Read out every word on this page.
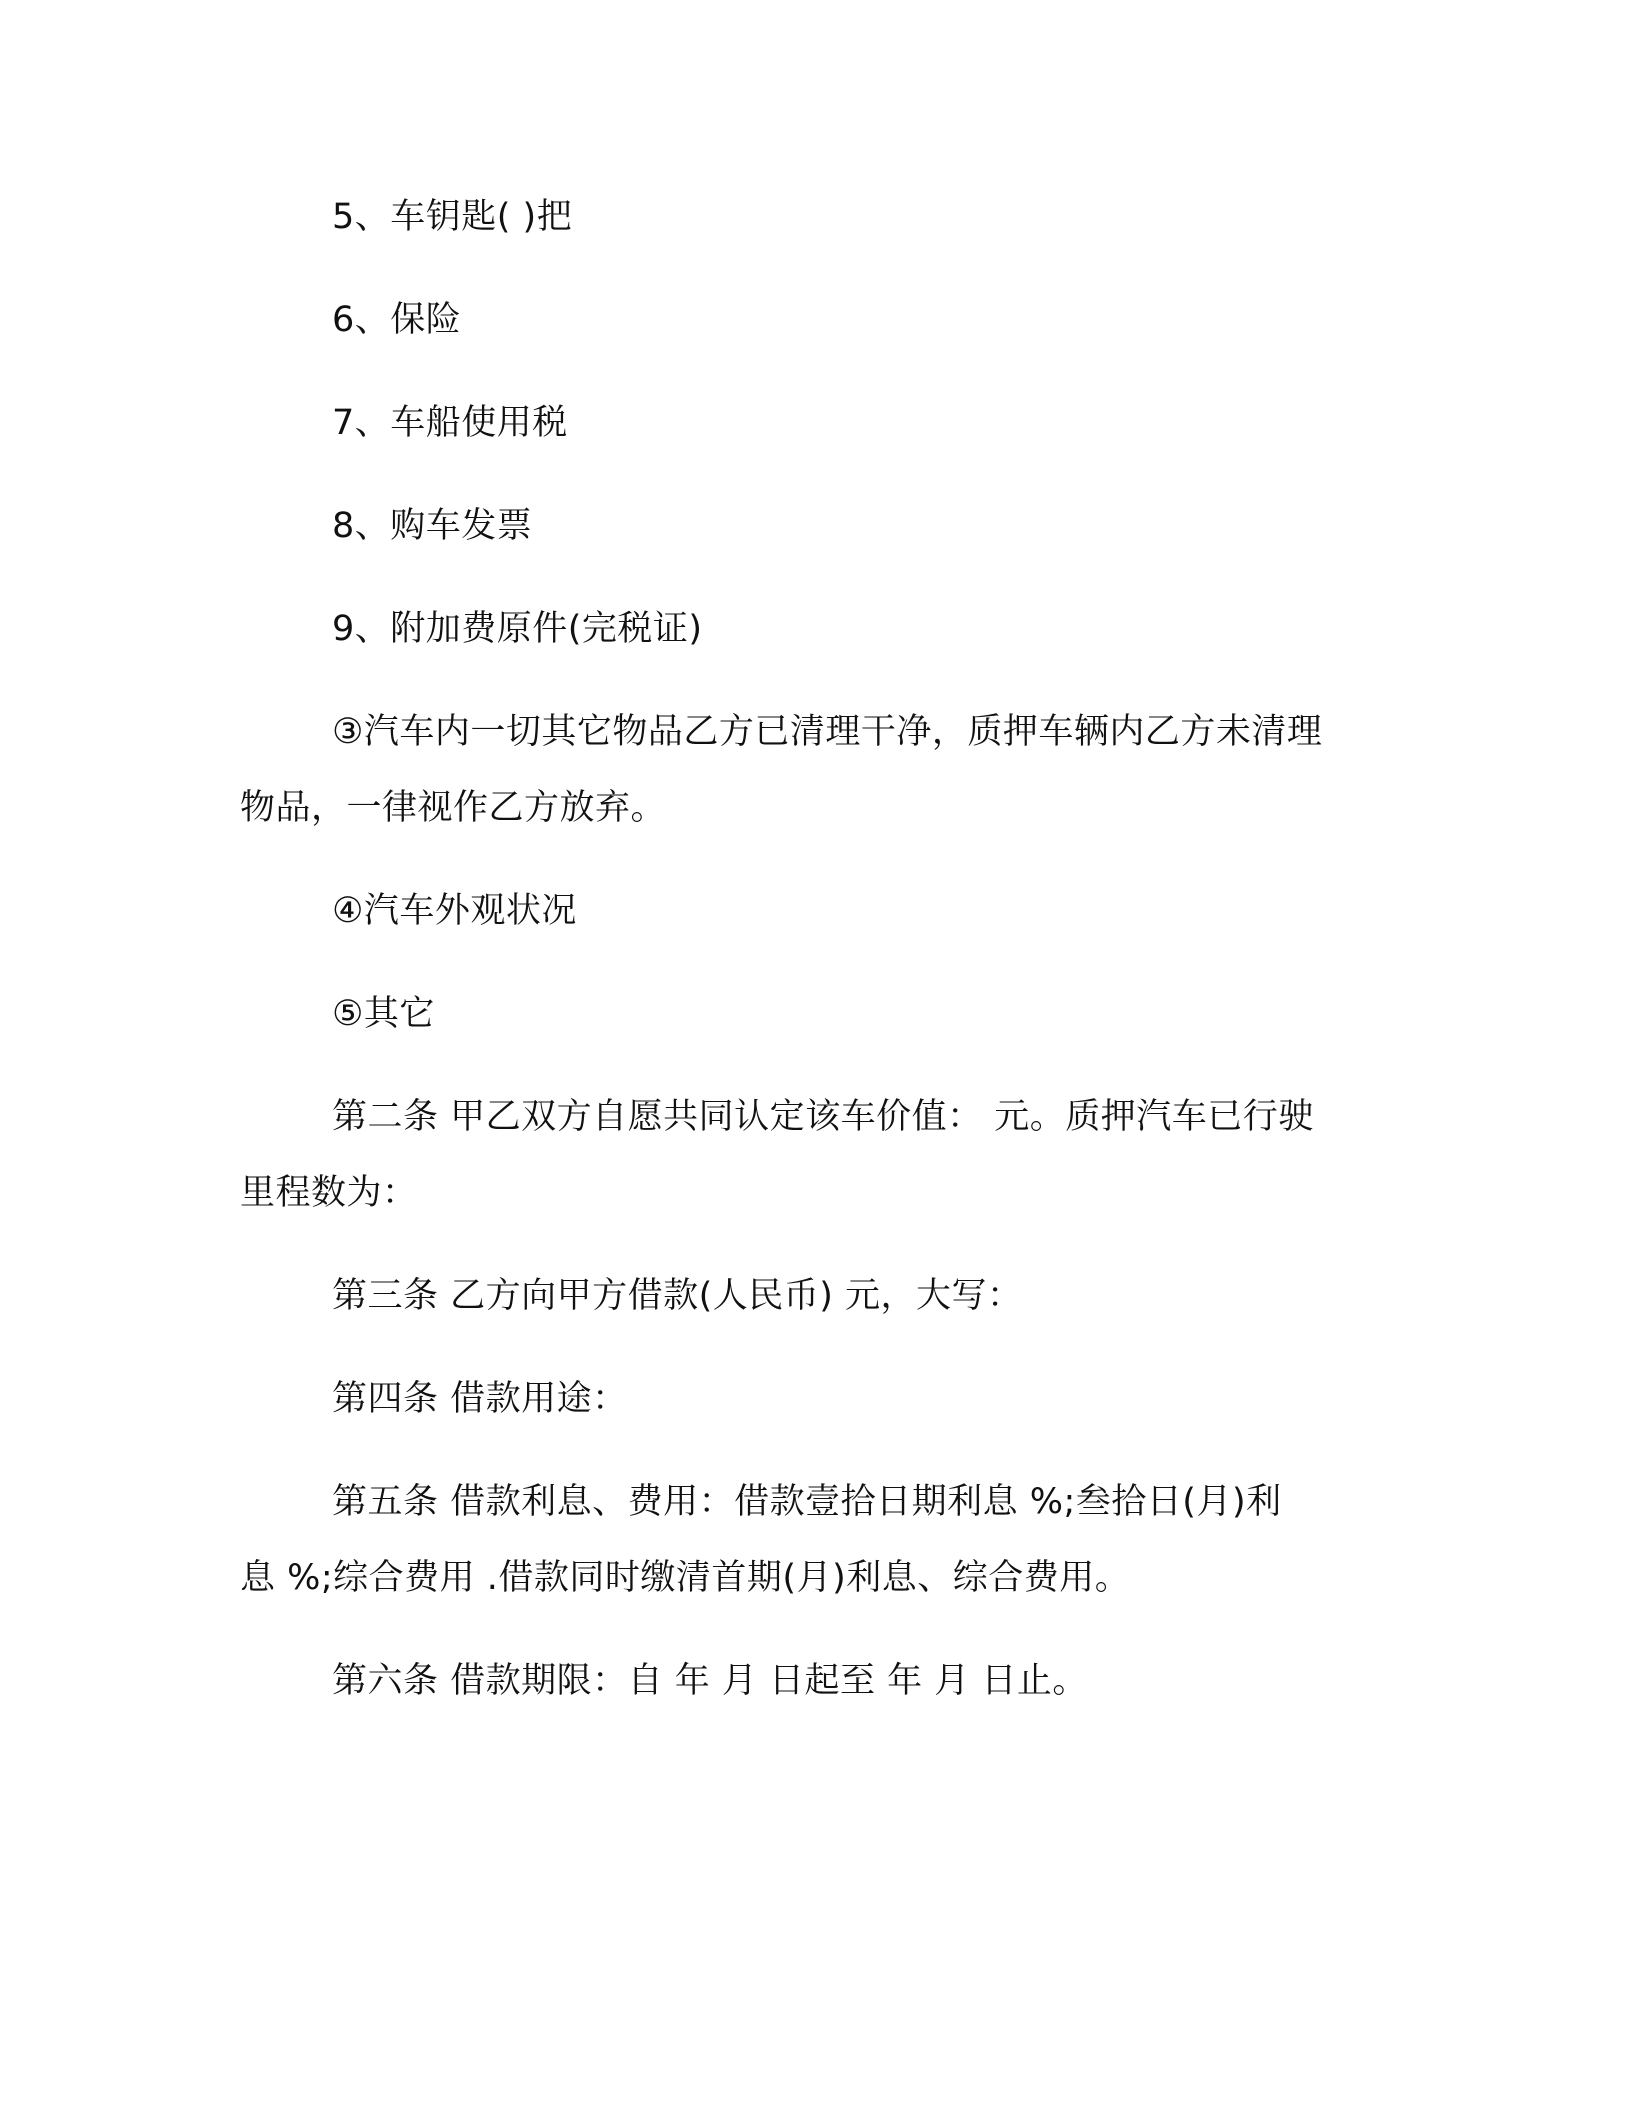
5、车钥匙( )把
6、保险
7、车船使用税
8、购车发票
9、附加费原件(完税证)
③汽车内一切其它物品乙方已清理干净，质押车辆内乙方未清理
物品，一律视作乙方放弃。
④汽车外观状况
⑤其它
第二条 甲乙双方自愿共同认定该车价值： 元。质押汽车已行驶
里程数为：
第三条 乙方向甲方借款(人民币) 元，大写：
第四条 借款用途：
第五条 借款利息、费用：借款壹拾日期利息 %;叁拾日(月)利
息 %;综合费用 .借款同时缴清首期(月)利息、综合费用。
第六条 借款期限：自 年 月 日起至 年 月 日止。
